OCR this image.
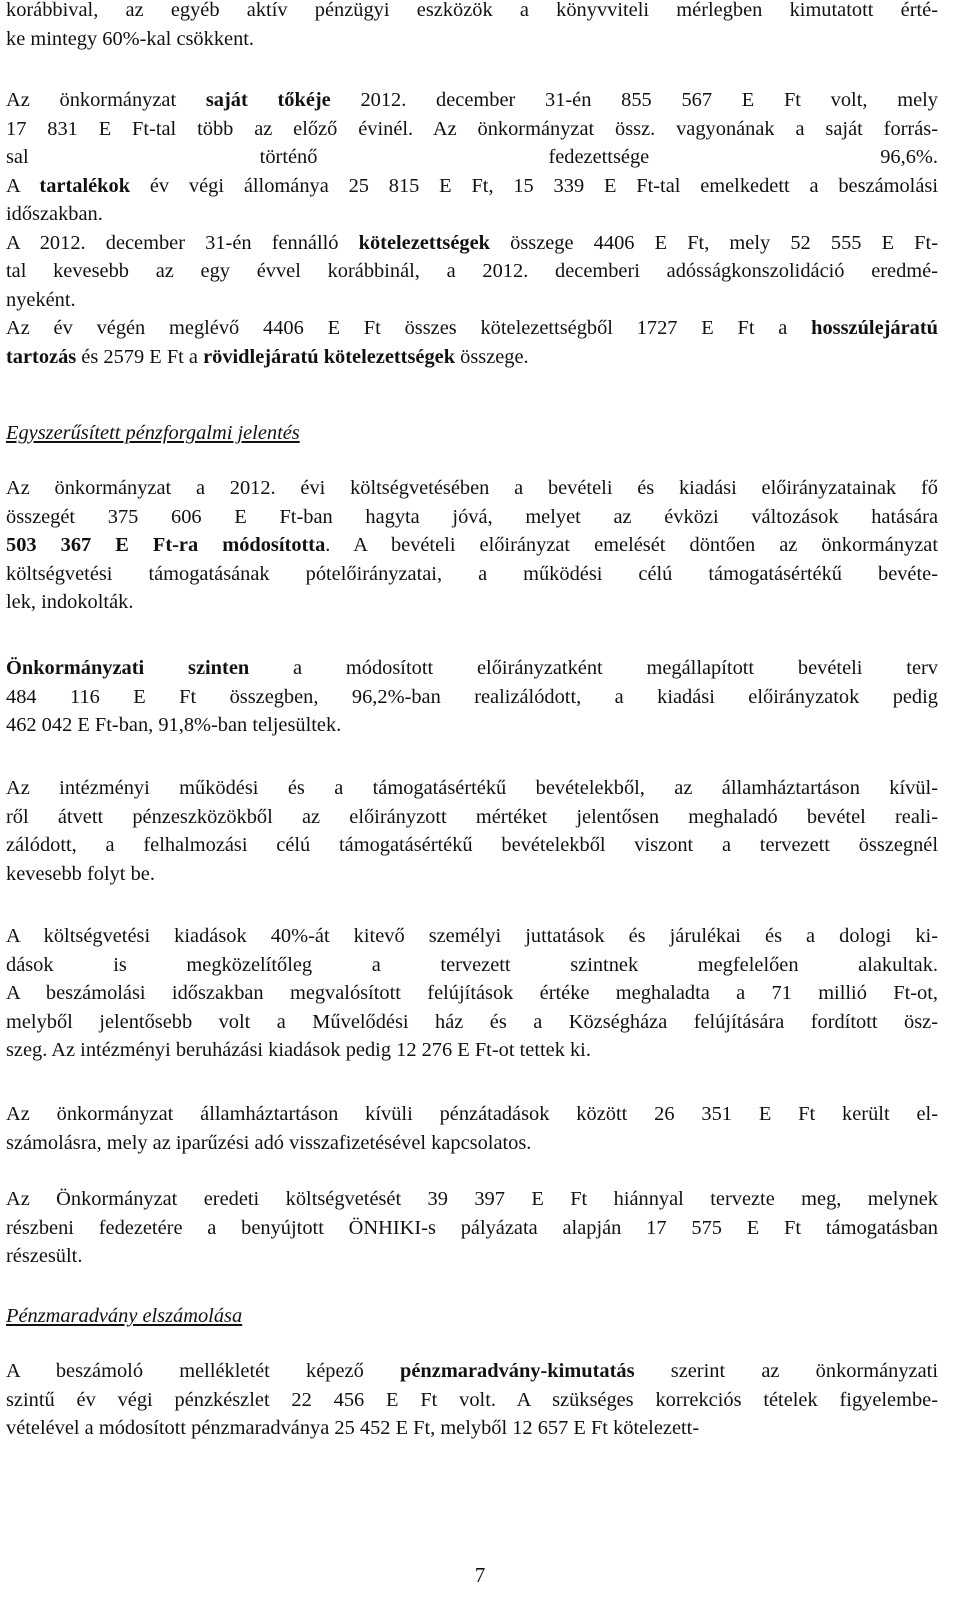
korábbival, az egyéb aktív pénzügyi eszközök a könyvviteli mérlegben kimutatott érté-
ke mintegy 60%-kal csökkent.
Az önkormányzat saját tőkéje 2012. december 31-én 855 567 E Ft volt, mely
17 831 E Ft-tal több az előző évinél. Az önkormányzat össz. vagyonának a saját forrás-
sal történő fedezettsége 96,6%.
A tartalékok év végi állománya 25 815 E Ft, 15 339 E Ft-tal emelkedett a beszámolási
időszakban.
A 2012. december 31-én fennálló kötelezettségek összege 4406 E Ft, mely 52 555 E Ft-
tal kevesebb az egy évvel korábbinál, a 2012. decemberi adósságkonszolidáció eredmé-
nyeként.
Az év végén meglévő 4406 E Ft összes kötelezettségből 1727 E Ft a hosszúlejáratú
tartozás és 2579 E Ft a rövidlejáratú kötelezettségek összege.
Egyszerűsített pénzforgalmi jelentés
Az önkormányzat a 2012. évi költségvetésében a bevételi és kiadási előirányzatainak fő
összegét 375 606 E Ft-ban hagyta jóvá, melyet az évközi változások hatására
503 367 E Ft-ra módosította. A bevételi előirányzat emelését döntően az önkormányzat
költségvetési támogatásának pótelőirányzatai, a működési célú támogatásértékű bevéte-
lek, indokolták.
Önkormányzati szinten a módosított előirányzatként megállapított bevételi terv
484 116 E Ft összegben, 96,2%-ban realizálódott, a kiadási előirányzatok pedig
462 042 E Ft-ban, 91,8%-ban teljesültek.
Az intézményi működési és a támogatásértékű bevételekből, az államháztartáson kívül-
ről átvett pénzeszközökből az előirányzott mértéket jelentősen meghaladó bevétel reali-
zálódott, a felhalmozási célú támogatásértékű bevételekből viszont a tervezett összegnél
kevesebb folyt be.
A költségvetési kiadások 40%-át kitevő személyi juttatások és járulékai és a dologi ki-
dások is megközelítőleg a tervezett szintnek megfelelően alakultak.
A beszámolási időszakban megvalósított felújítások értéke meghaladta a 71 millió Ft-ot,
melyből jelentősebb volt a Művelődési ház és a Községháza felújítására fordított ösz-
szeg. Az intézményi beruházási kiadások pedig 12 276 E Ft-ot tettek ki.
Az önkormányzat államháztartáson kívüli pénzátadások között 26 351 E Ft került el-
számolásra, mely az iparűzési adó visszafizetésével kapcsolatos.
Az Önkormányzat eredeti költségvetését 39 397 E Ft hiánnyal tervezte meg, melynek
részbeni fedezetére a benyújtott ÖNHIKI-s pályázata alapján 17 575 E Ft támogatásban
részesült.
Pénzmaradvány elszámolása
A beszámoló mellékletét képező pénzmaradvány-kimutatás szerint az önkormányzati
szintű év végi pénzkészlet 22 456 E Ft volt. A szükséges korrekciós tételek figyelembe-
vételével a módosított pénzmaradványa 25 452 E Ft, melyből 12 657 E Ft kötelezett-
7
